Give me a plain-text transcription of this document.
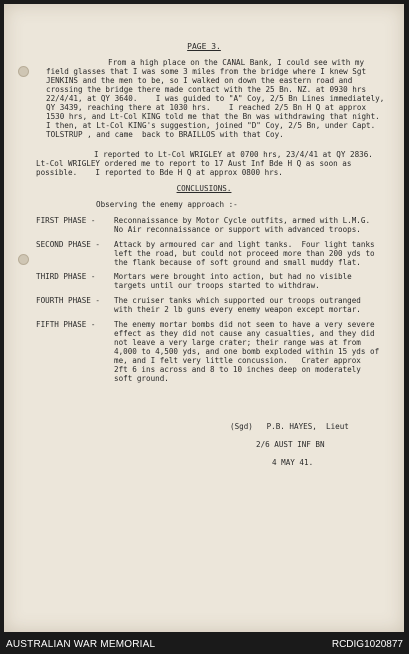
PAGE 3.
From a high place on the CANAL Bank, I could see with my
field glasses that I was some 3 miles from the bridge where I knew Sgt
JENKINS and the men to be, so I walked on down the eastern road and
crossing the bridge there made contact with the 25 Bn. NZ. at 0930 hrs
22/4/41, at QY 3640.    I was guided to "A" Coy, 2/5 Bn Lines immediately,
QY 3439, reaching there at 1030 hrs.    I reached 2/5 Bn H Q at approx
1530 hrs, and Lt-Col KING told me that the Bn was withdrawing that night.
I then, at Lt-Col KING's suggestion, joined "D" Coy, 2/5 Bn, under Capt.
TOLSTRUP , and came  back to BRAILLOS with that Coy.
I reported to Lt-Col WRIGLEY at 0700 hrs, 23/4/41 at QY 2836.
Lt-Col WRIGLEY ordered me to report to 17 Aust Inf Bde H Q as soon as
possible.    I reported to Bde H Q at approx 0800 hrs.
CONCLUSIONS.
Observing the enemy approach :-
FIRST PHASE - Reconnaissance by Motor Cycle outfits, armed with L.M.G.
No Air reconnaissance or support with advanced troops.
SECOND PHASE - Attack by armoured car and light tanks.  Four light tanks
left the road, but could not proceed more than 200 yds to
the flank because of soft ground and small muddy flat.
THIRD PHASE - Mortars were brought into action, but had no visible
targets until our troops started to withdraw.
FOURTH PHASE - The cruiser tanks which supported our troops outranged
with their 2 lb guns every enemy weapon except mortar.
FIFTH PHASE - The enemy mortar bombs did not seem to have a very severe
effect as they did not cause any casualties, and they did
not leave a very large crater; their range was at from
4,000 to 4,500 yds, and one bomb exploded within 15 yds of
me, and I felt very little concussion.   Crater approx
2ft 6 ins across and 8 to 10 inches deep on moderately
soft ground.
(Sgd)   P.B. HAYES,  Lieut
2/6 AUST INF BN
4 MAY 41.
AUSTRALIAN WAR MEMORIAL	RCDIG1020877
